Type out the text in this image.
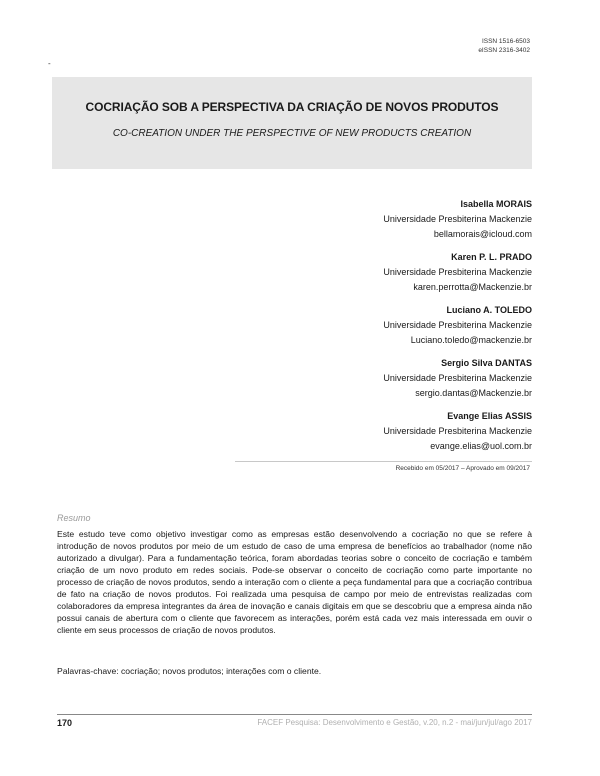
ISSN 1516-6503
eISSN 2316-3402
-
COCRIAÇÃO SOB A PERSPECTIVA DA CRIAÇÃO DE NOVOS PRODUTOS
CO-CREATION UNDER THE PERSPECTIVE OF NEW PRODUCTS CREATION
Isabella MORAIS
Universidade Presbiterina Mackenzie
bellamorais@icloud.com
Karen P. L. PRADO
Universidade Presbiterina Mackenzie
karen.perrotta@Mackenzie.br
Luciano A. TOLEDO
Universidade Presbiterina Mackenzie
Luciano.toledo@mackenzie.br
Sergio Silva DANTAS
Universidade Presbiterina Mackenzie
sergio.dantas@Mackenzie.br
Evange Elias ASSIS
Universidade Presbiterina Mackenzie
evange.elias@uol.com.br
Recebido em 05/2017 – Aprovado em 09/2017
Resumo
Este estudo teve como objetivo investigar como as empresas estão desenvolvendo a cocriação no que se refere à introdução de novos produtos por meio de um estudo de caso de uma empresa de benefícios ao trabalhador (nome não autorizado a divulgar). Para a fundamentação teórica, foram abordadas teorias sobre o conceito de cocriação e também criação de um novo produto em redes sociais. Pode-se observar o conceito de cocriação como parte importante no processo de criação de novos produtos, sendo a interação com o cliente a peça fundamental para que a cocriação contribua de fato na criação de novos produtos. Foi realizada uma pesquisa de campo por meio de entrevistas realizadas com colaboradores da empresa integrantes da área de inovação e canais digitais em que se descobriu que a empresa ainda não possui canais de abertura com o cliente que favorecem as interações, porém está cada vez mais interessada em ouvir o cliente em seus processos de criação de novos produtos.
Palavras-chave: cocriação; novos produtos; interações com o cliente.
170	FACEF Pesquisa: Desenvolvimento e Gestão, v.20, n.2 - mai/jun/jul/ago 2017
